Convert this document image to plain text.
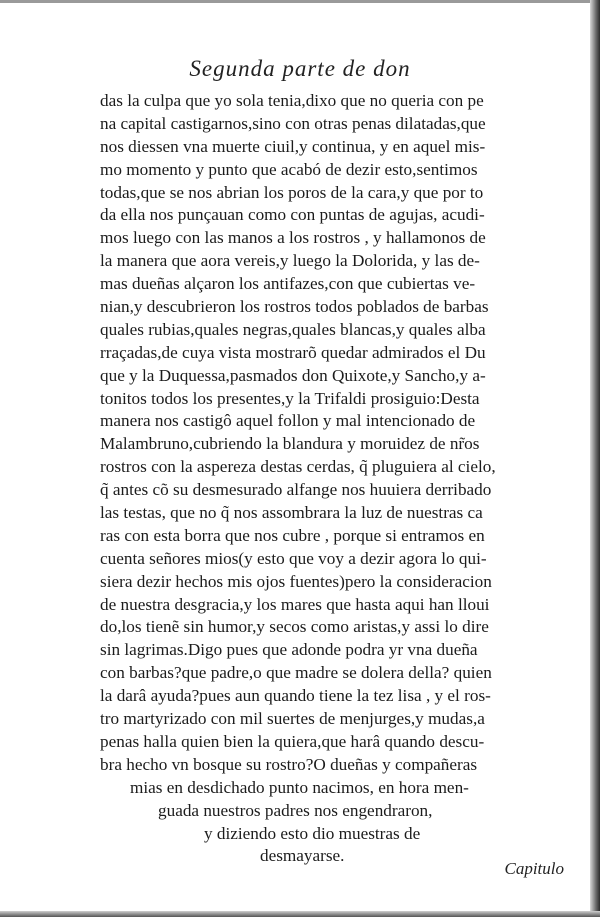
Segunda parte de don
das la culpa que yo sola tenia,dixo que no queria con pe
na capital castigarnos,sino con otras penas dilatadas,que
nos diessen vna muerte ciuil,y continua, y en aquel mis-
mo momento y punto que acabó de dezir esto,sentimos
todas,que se nos abrian los poros de la cara,y que por to
da ella nos punçauan como con puntas de agujas, acudi-
mos luego con las manos a los rostros , y hallamonos de
la manera que aora vereis,y luego la Dolorida, y las de-
mas dueñas alçaron los antifazes,con que cubiertas ve-
nian,y descubrieron los rostros todos poblados de barbas
quales rubias,quales negras,quales blancas,y quales alba
rraçadas,de cuya vista mostrarõ quedar admirados el Du
que y la Duquessa,pasmados don Quixote,y Sancho,y a-
tonitos todos los presentes,y la Trifaldi prosiguio:Desta
manera nos castigô aquel follon y mal intencionado de
Malambruno,cubriendo la blandura y moruidez de nr̃os
rostros con la aspereza destas cerdas, q̃ pluguiera al cielo,
q̃ antes cõ su desmesurado alfange nos huuiera derribado
las testas, que no q̃ nos assombrara la luz de nuestras ca
ras con esta borra que nos cubre , porque si entramos en
cuenta señores mios(y esto que voy a dezir agora lo qui-
siera dezir hechos mis ojos fuentes)pero la consideracion
de nuestra desgracia,y los mares que hasta aqui han lloui
do,los tienẽ sin humor,y secos como aristas,y assi lo dire
sin lagrimas.Digo pues que adonde podra yr vna dueña
con barbas?que padre,o que madre se dolera della? quien
la darâ ayuda?pues aun quando tiene la tez lisa , y el ros-
tro martyrizado con mil suertes de menjurges,y mudas,a
penas halla quien bien la quiera,que harâ quando descu-
bra hecho vn bosque su rostro?O dueñas y compañeras
mias en desdichado punto nacimos, en hora men-
guada nuestros padres nos engendraron,
y diziendo esto dio muestras de
desmayarse.
Capitulo
